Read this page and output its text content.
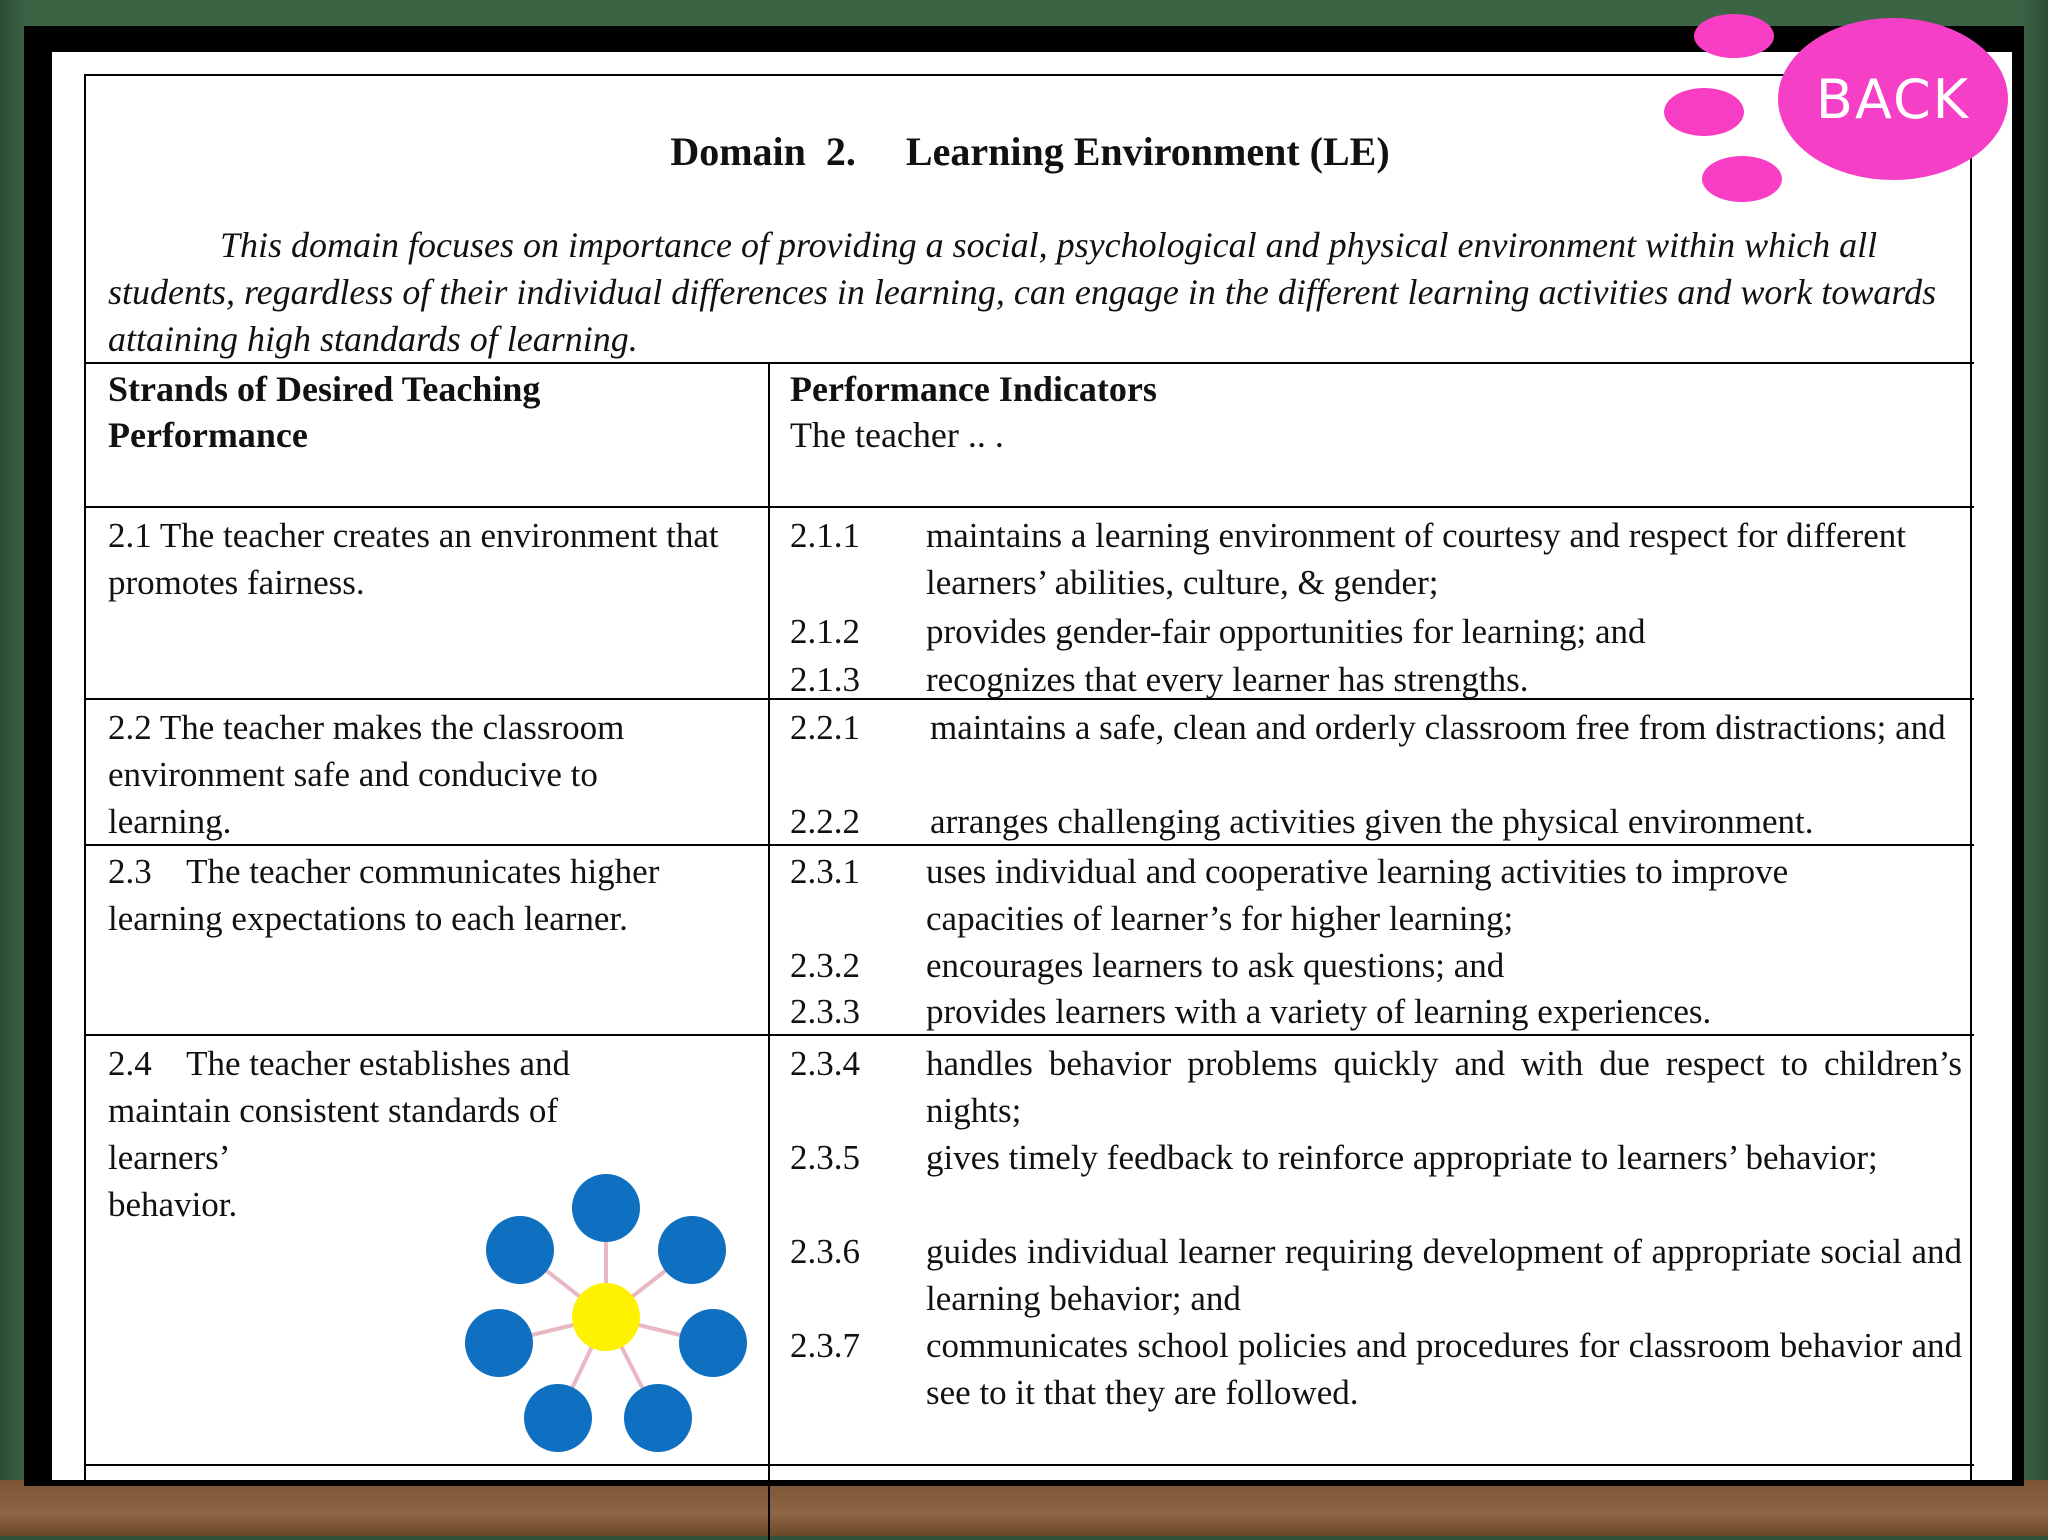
Domain  2.     Learning Environment (LE)
This domain focuses on importance of providing a social, psychological and physical environment within which all students, regardless of their individual differences in learning, can engage in the different learning activities and work towards attaining high standards of learning.
Strands of Desired Teaching Performance
Performance Indicators
The teacher .. .
2.1 The teacher creates an environment that promotes fairness.
2.1.1	maintains a learning environment of courtesy and respect for different learners’ abilities, culture, & gender;
2.1.2	provides gender-fair opportunities for learning; and
2.1.3	recognizes that every learner has strengths.
2.2 The teacher makes the classroom environment safe and conducive to learning.
2.2.1	maintains a safe, clean and orderly classroom free from distractions; and
2.2.2	arranges challenging activities given the physical environment.
2.3    The teacher communicates higher learning expectations to each learner.
2.3.1	uses individual and cooperative learning activities to improve capacities of learner’s for higher learning;
2.3.2	encourages learners to ask questions; and
2.3.3	provides learners with a variety of learning experiences.
2.4    The teacher establishes and
maintain consistent standards of
learners’
behavior.
2.3.4	handles behavior problems quickly and with due respect to children’s nights;
2.3.5	gives timely feedback to reinforce appropriate to learners’ behavior;
2.3.6	guides individual learner requiring development of appropriate social and learning behavior; and
2.3.7	communicates school policies and procedures for classroom behavior and see to it that they are followed.
BACK
